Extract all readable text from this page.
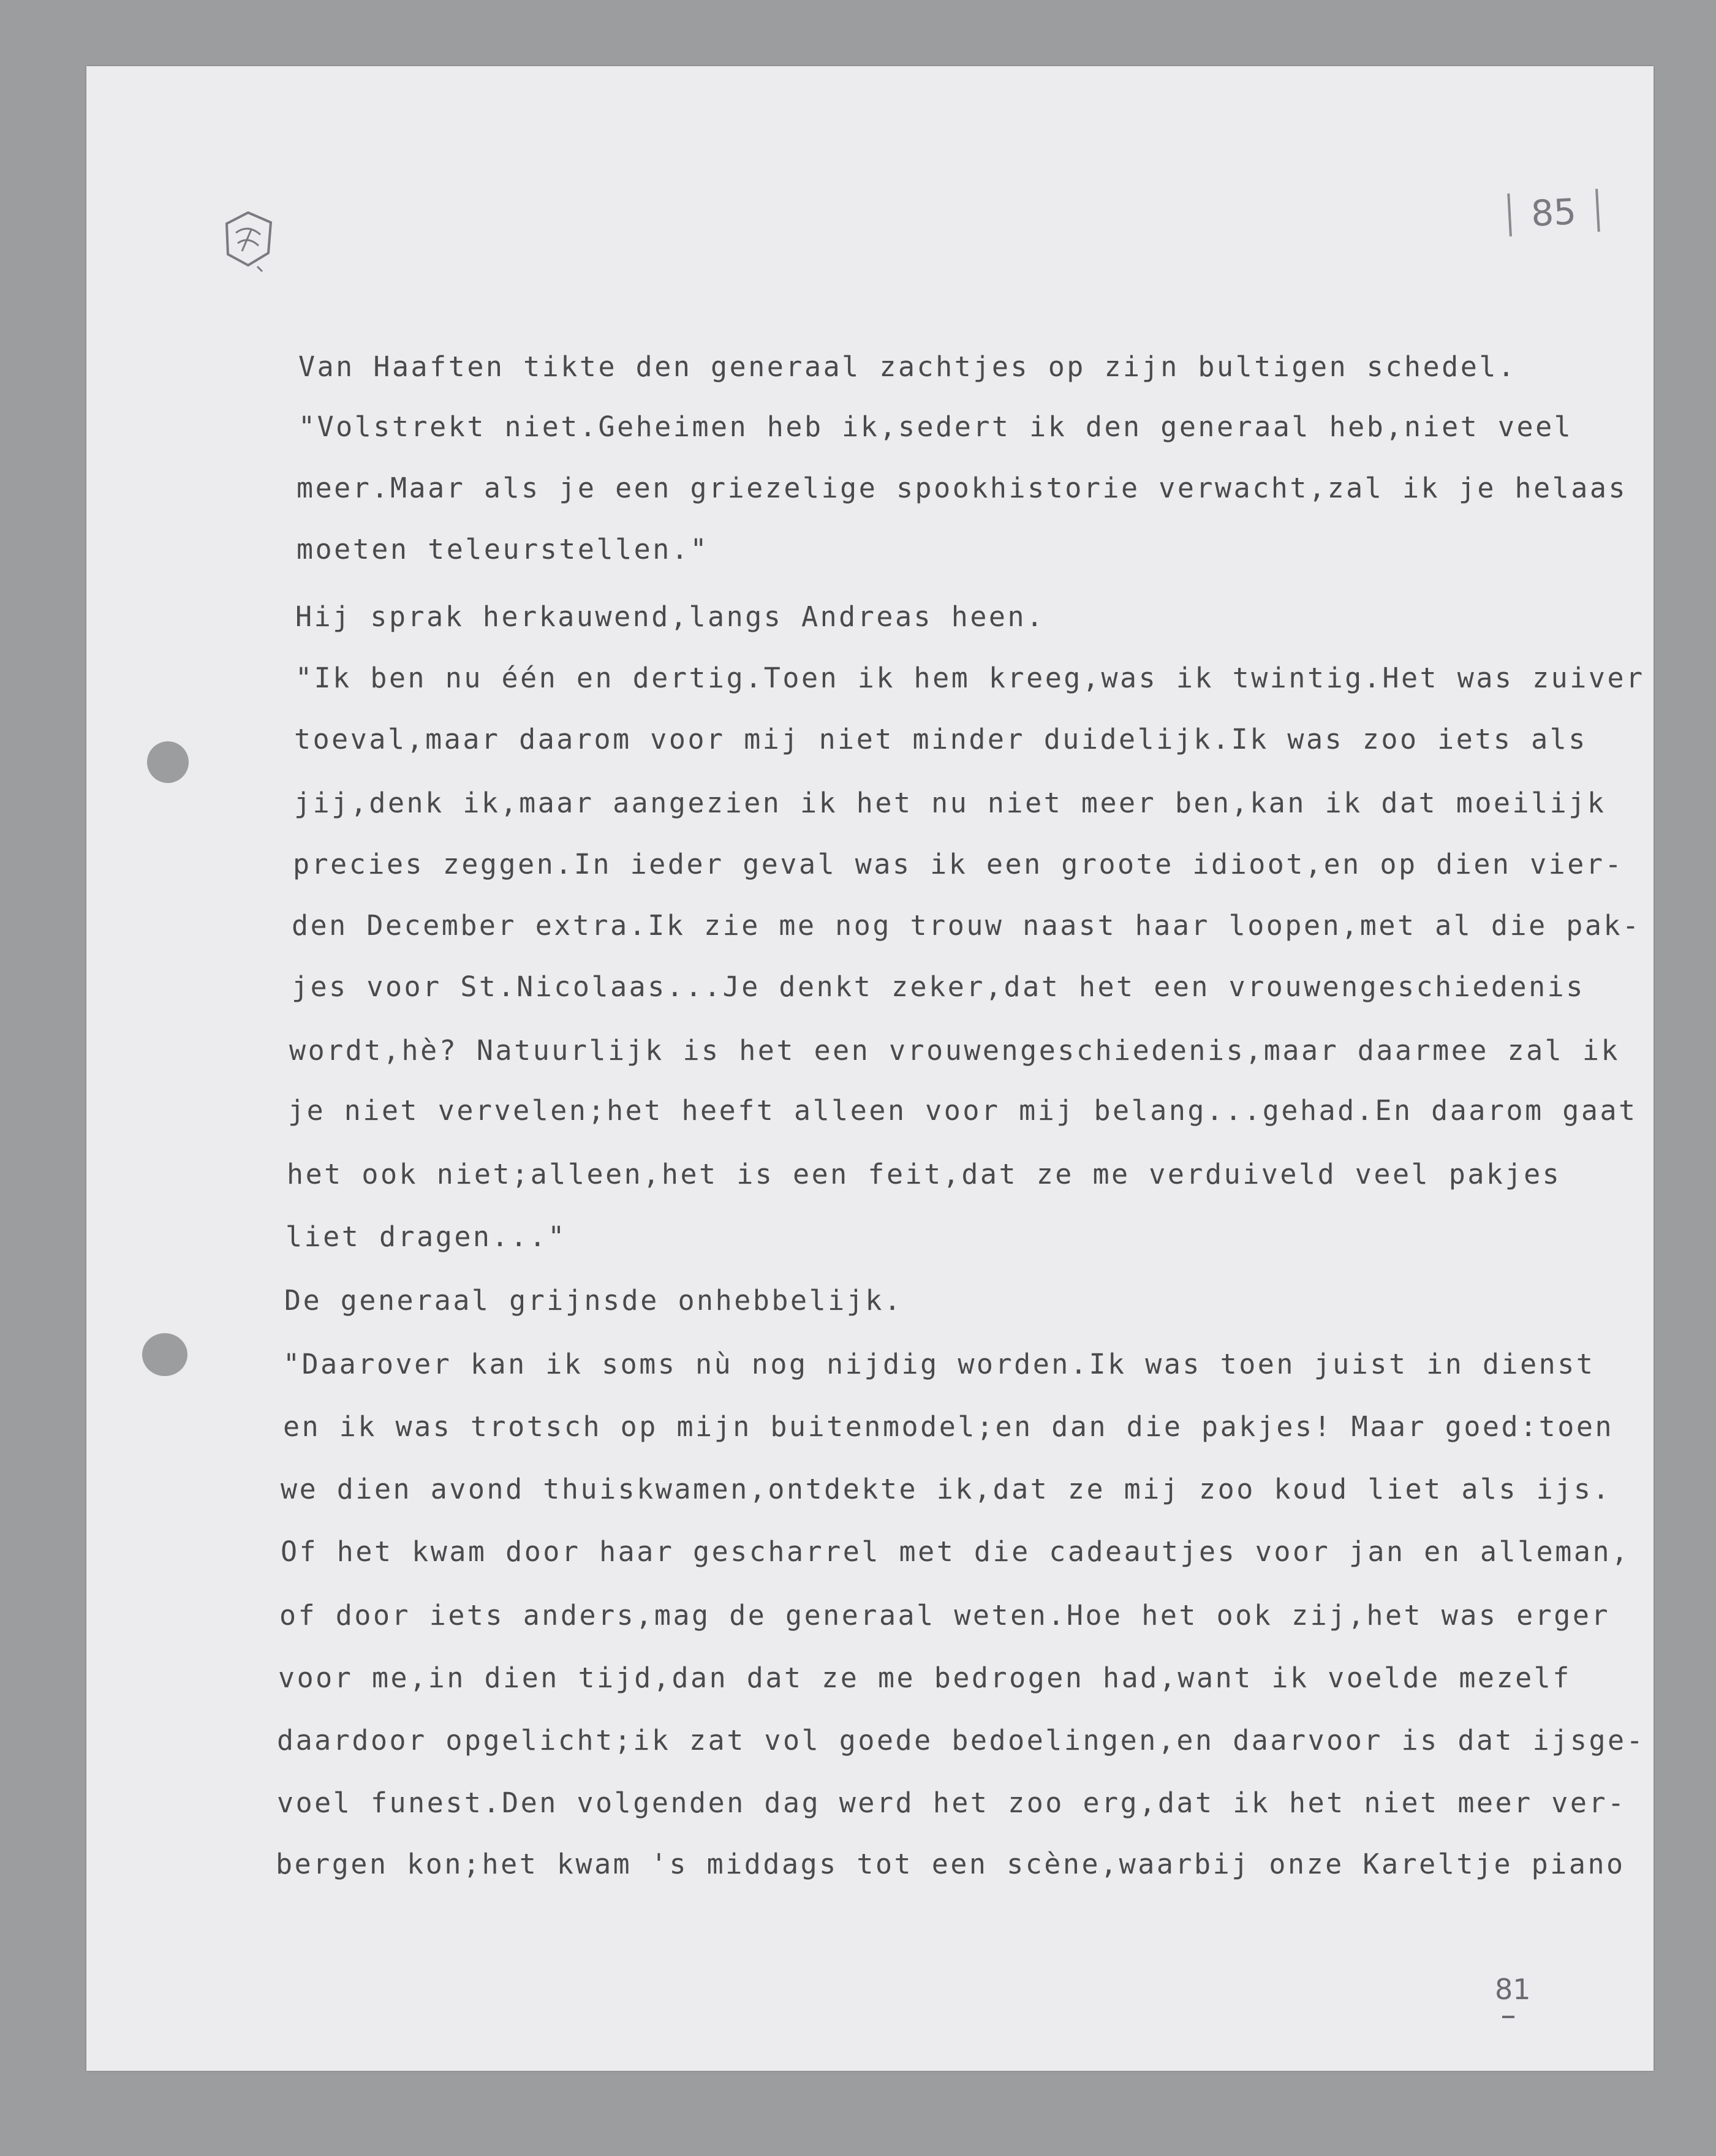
85
Van Haaften tikte den generaal zachtjes op zijn bultigen schedel.
"Volstrekt niet.Geheimen heb ik,sedert ik den generaal heb,niet veel
meer.Maar als je een griezelige spookhistorie verwacht,zal ik je helaas
moeten teleurstellen."
Hij sprak herkauwend,langs Andreas heen.
"Ik ben nu één en dertig.Toen ik hem kreeg,was ik twintig.Het was zuiver
toeval,maar daarom voor mij niet minder duidelijk.Ik was zoo iets als
jij,denk ik,maar aangezien ik het nu niet meer ben,kan ik dat moeilijk
precies zeggen.In ieder geval was ik een groote idioot,en op dien vier-
den December extra.Ik zie me nog trouw naast haar loopen,met al die pak-
jes voor St.Nicolaas...Je denkt zeker,dat het een vrouwengeschiedenis
wordt,hè? Natuurlijk is het een vrouwengeschiedenis,maar daarmee zal ik
je niet vervelen;het heeft alleen voor mij belang...gehad.En daarom gaat
het ook niet;alleen,het is een feit,dat ze me verduiveld veel pakjes
liet dragen..."
De generaal grijnsde onhebbelijk.
"Daarover kan ik soms nù nog nijdig worden.Ik was toen juist in dienst
en ik was trotsch op mijn buitenmodel;en dan die pakjes! Maar goed:toen
we dien avond thuiskwamen,ontdekte ik,dat ze mij zoo koud liet als ijs.
Of het kwam door haar gescharrel met die cadeautjes voor jan en alleman,
of door iets anders,mag de generaal weten.Hoe het ook zij,het was erger
voor me,in dien tijd,dan dat ze me bedrogen had,want ik voelde mezelf
daardoor opgelicht;ik zat vol goede bedoelingen,en daarvoor is dat ijsge-
voel funest.Den volgenden dag werd het zoo erg,dat ik het niet meer ver-
bergen kon;het kwam 's middags tot een scène,waarbij onze Kareltje piano
81
